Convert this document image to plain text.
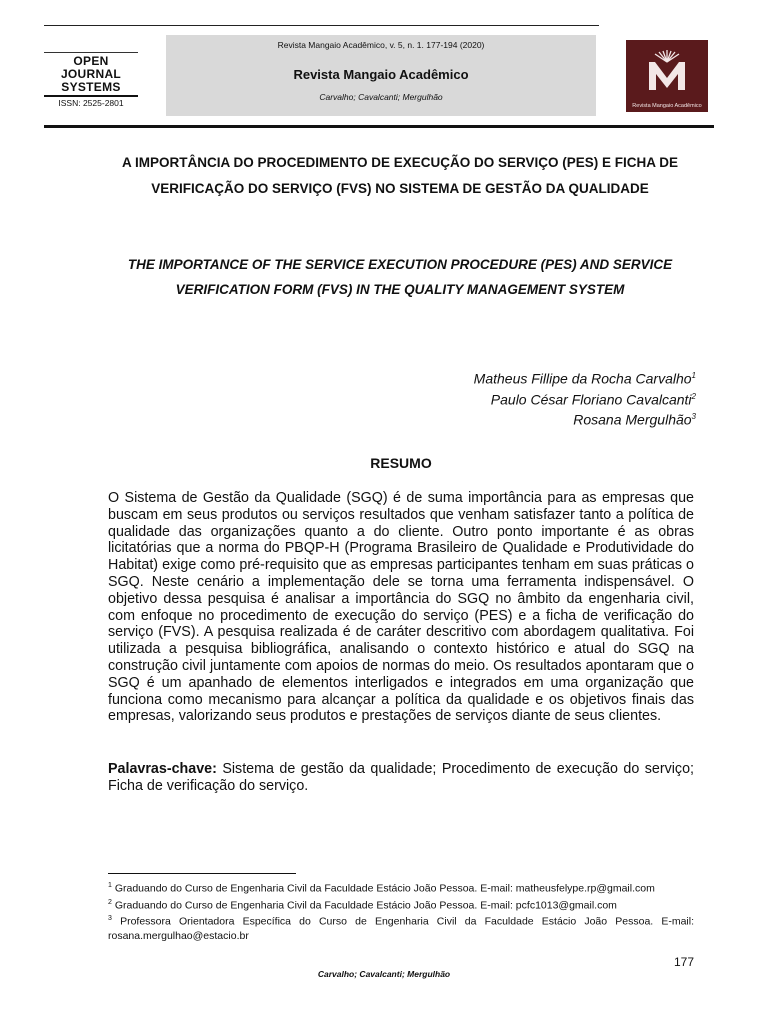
OPEN
JOURNAL
SYSTEMS
ISSN: 2525-2801
Revista Mangaio Acadêmico, v. 5, n. 1. 177-194 (2020)
Revista Mangaio Acadêmico
Carvalho; Cavalcanti; Mergulhão
Revista Mangaio Acadêmico
A IMPORTÂNCIA DO PROCEDIMENTO DE EXECUÇÃO DO SERVIÇO (PES) E FICHA DE VERIFICAÇÃO DO SERVIÇO (FVS) NO SISTEMA DE GESTÃO DA QUALIDADE
THE IMPORTANCE OF THE SERVICE EXECUTION PROCEDURE (PES) AND SERVICE VERIFICATION FORM (FVS) IN THE QUALITY MANAGEMENT SYSTEM
Matheus Fillipe da Rocha Carvalho$^1$
Paulo César Floriano Cavalcanti$^2$
Rosana Mergulhão$^3$
RESUMO

O Sistema de Gestão da Qualidade (SGQ) é de suma importância para as empresas que buscam em seus produtos ou serviços resultados que venham satisfazer tanto a política de qualidade das organizações quanto a do cliente. Outro ponto importante é as obras licitatórias que a norma do PBQP-H (Programa Brasileiro de Qualidade e Produtividade do Habitat) exige como pré-requisito que as empresas participantes tenham em suas práticas o SGQ. Neste cenário a implementação dele se torna uma ferramenta indispensável. O objetivo dessa pesquisa é analisar a importância do SGQ no âmbito da engenharia civil, com enfoque no procedimento de execução do serviço (PES) e a ficha de verificação do serviço (FVS). A pesquisa realizada é de caráter descritivo com abordagem qualitativa. Foi utilizada a pesquisa bibliográfica, analisando o contexto histórico e atual do SGQ na construção civil juntamente com apoios de normas do meio. Os resultados apontaram que o SGQ é um apanhado de elementos interligados e integrados em uma organização que funciona como mecanismo para alcançar a política da qualidade e os objetivos finais das empresas, valorizando seus produtos e prestações de serviços diante de seus clientes.

Palavras-chave: Sistema de gestão da qualidade; Procedimento de execução do serviço; Ficha de verificação do serviço.

$^1$ Graduando do Curso de Engenharia Civil da Faculdade Estácio João Pessoa. E-mail: matheusfelype.rp@gmail.com

$^2$ Graduando do Curso de Engenharia Civil da Faculdade Estácio João Pessoa. E-mail: pcfc1013@gmail.com

$^3$ Professora Orientadora Específica do Curso de Engenharia Civil da Faculdade Estácio João Pessoa. E-mail: rosana.mergulhao@estacio.br

177
Carvalho; Cavalcanti; Mergulhão
